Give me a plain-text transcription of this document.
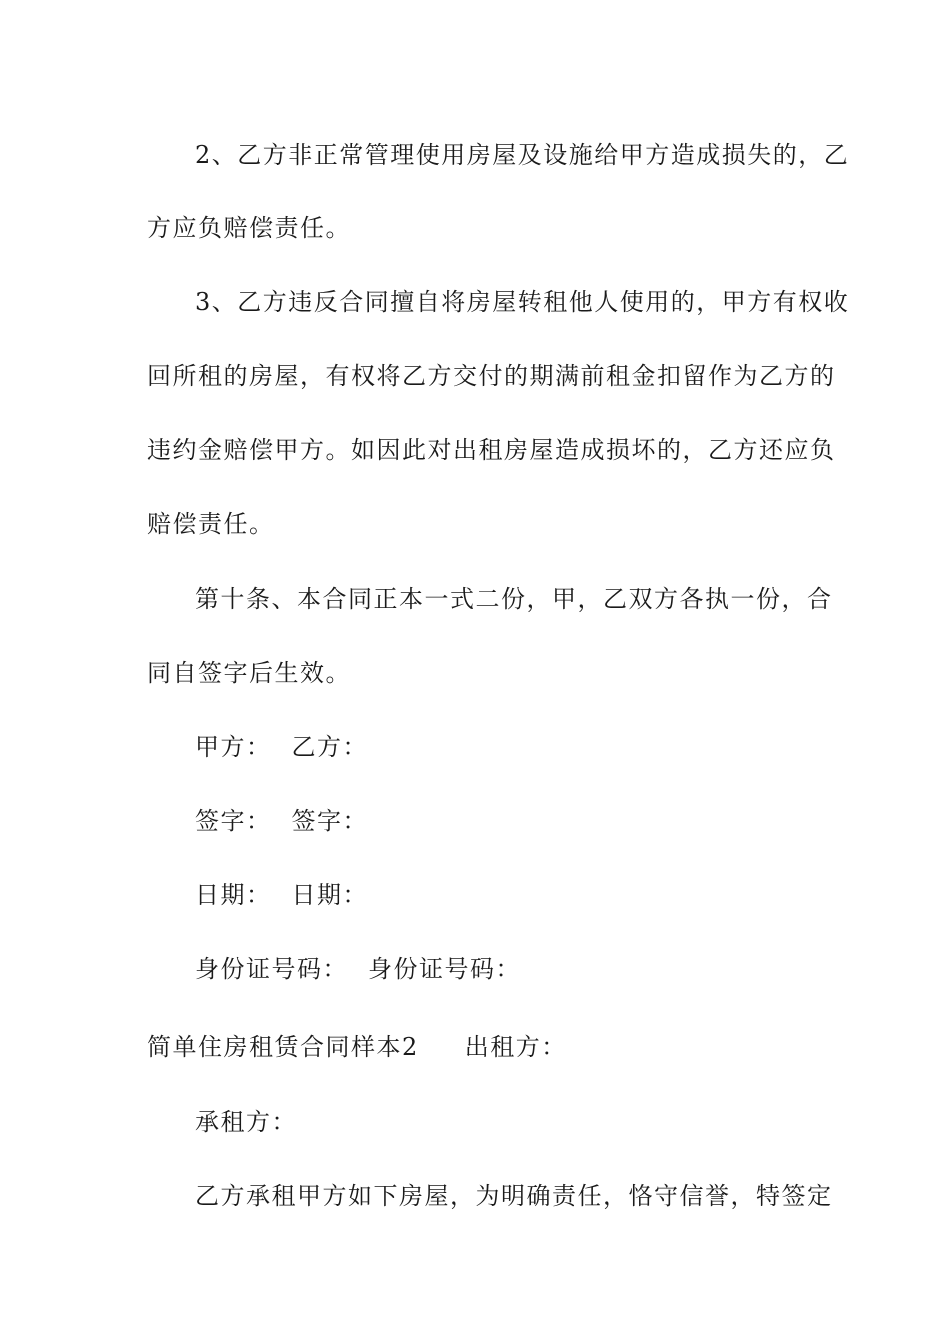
2、乙方非正常管理使用房屋及设施给甲方造成损失的，乙
方应负赔偿责任。
3、乙方违反合同擅自将房屋转租他人使用的，甲方有权收
回所租的房屋，有权将乙方交付的期满前租金扣留作为乙方的
违约金赔偿甲方。如因此对出租房屋造成损坏的，乙方还应负
赔偿责任。
第十条、本合同正本一式二份，甲，乙双方各执一份，合
同自签字后生效。
甲方： 乙方：
签字： 签字：
日期： 日期：
身份证号码： 身份证号码：
简单住房租赁合同样本2 出租方：
承租方：
乙方承租甲方如下房屋，为明确责任，恪守信誉，特签定
